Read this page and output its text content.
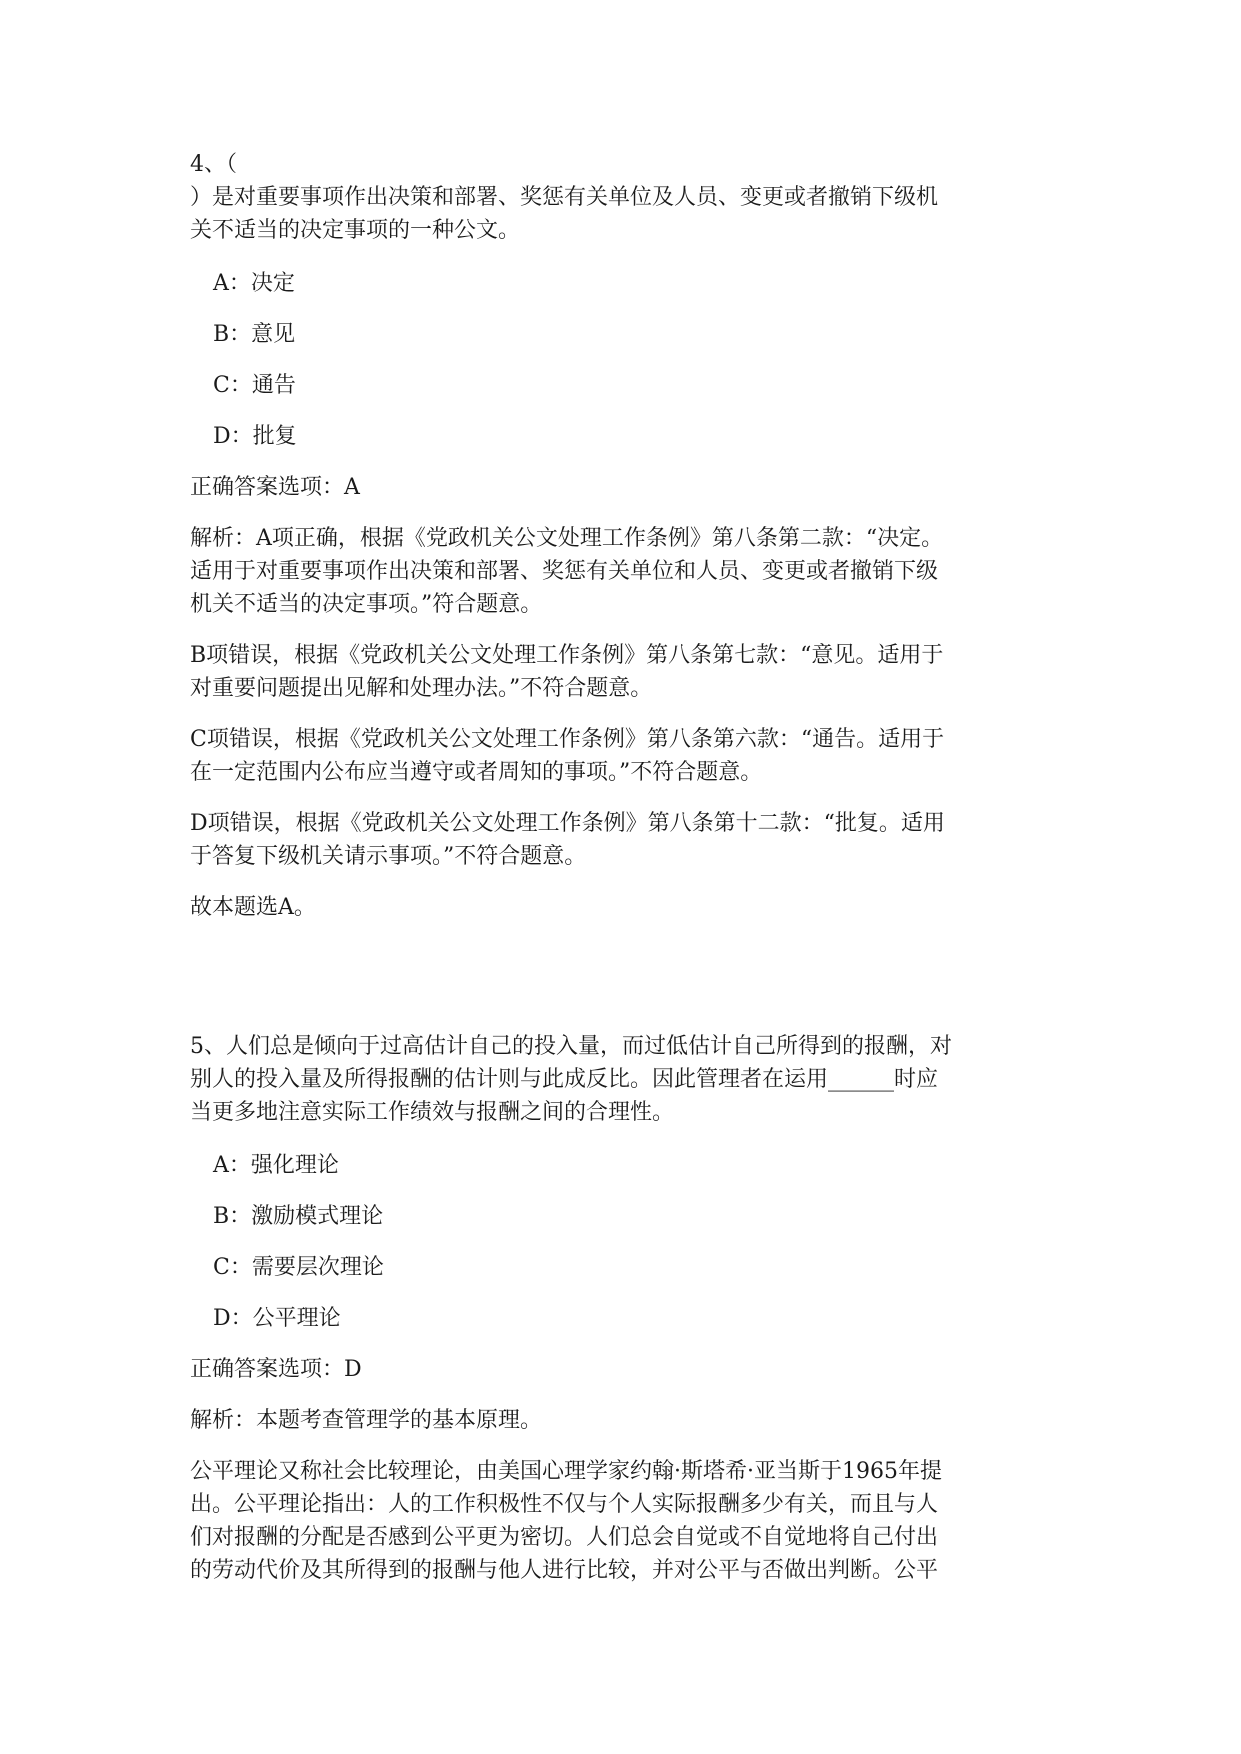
4、（
）是对重要事项作出决策和部署、奖惩有关单位及人员、变更或者撤销下级机
关不适当的决定事项的一种公文。

A：决定

B：意见

C：通告

D：批复

正确答案选项：A

解析：A项正确，根据《党政机关公文处理工作条例》第八条第二款：“决定。
适用于对重要事项作出决策和部署、奖惩有关单位和人员、变更或者撤销下级
机关不适当的决定事项。”符合题意。

B项错误，根据《党政机关公文处理工作条例》第八条第七款：“意见。适用于
对重要问题提出见解和处理办法。”不符合题意。

C项错误，根据《党政机关公文处理工作条例》第八条第六款：“通告。适用于
在一定范围内公布应当遵守或者周知的事项。”不符合题意。

D项错误，根据《党政机关公文处理工作条例》第八条第十二款：“批复。适用
于答复下级机关请示事项。”不符合题意。

故本题选A。

5、人们总是倾向于过高估计自己的投入量，而过低估计自己所得到的报酬，对
别人的投入量及所得报酬的估计则与此成反比。因此管理者在运用______时应
当更多地注意实际工作绩效与报酬之间的合理性。

A：强化理论

B：激励模式理论

C：需要层次理论

D：公平理论

正确答案选项：D

解析：本题考查管理学的基本原理。

公平理论又称社会比较理论，由美国心理学家约翰·斯塔希·亚当斯于1965年提
出。公平理论指出：人的工作积极性不仅与个人实际报酬多少有关，而且与人
们对报酬的分配是否感到公平更为密切。人们总会自觉或不自觉地将自己付出
的劳动代价及其所得到的报酬与他人进行比较，并对公平与否做出判断。公平
